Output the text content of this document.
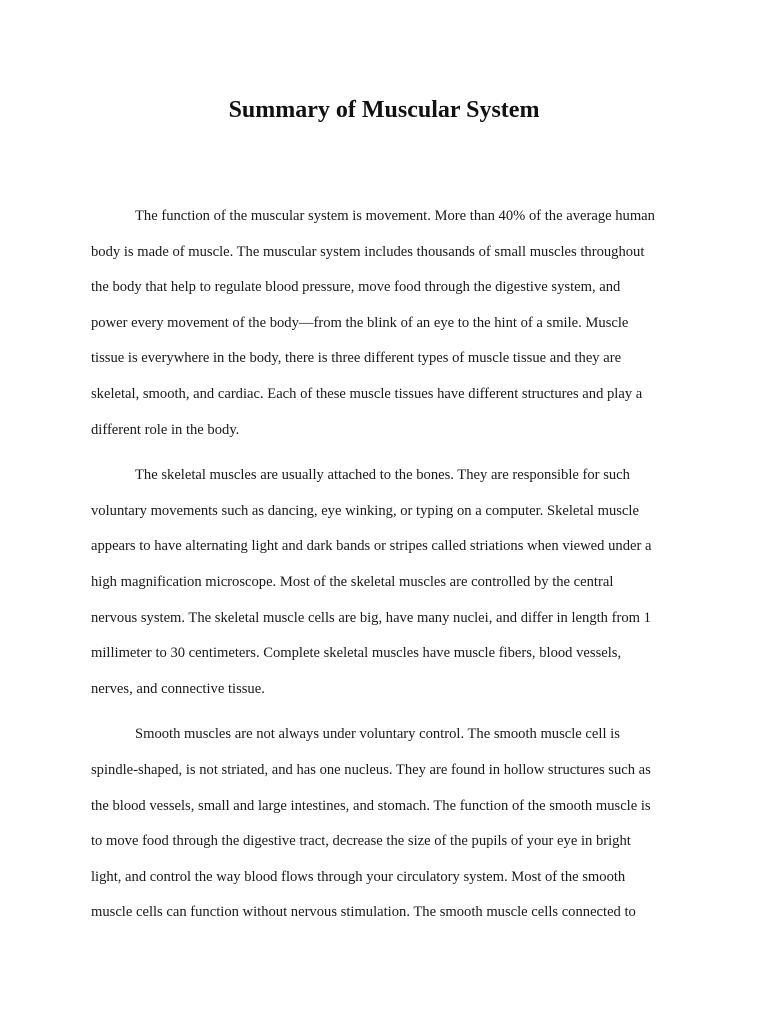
Summary of Muscular System

The function of the muscular system is movement. More than 40% of the average human
body is made of muscle. The muscular system includes thousands of small muscles throughout
the body that help to regulate blood pressure, move food through the digestive system, and
power every movement of the body—from the blink of an eye to the hint of a smile. Muscle
tissue is everywhere in the body, there is three different types of muscle tissue and they are
skeletal, smooth, and cardiac. Each of these muscle tissues have different structures and play a
different role in the body.

The skeletal muscles are usually attached to the bones. They are responsible for such
voluntary movements such as dancing, eye winking, or typing on a computer. Skeletal muscle
appears to have alternating light and dark bands or stripes called striations when viewed under a
high magnification microscope. Most of the skeletal muscles are controlled by the central
nervous system. The skeletal muscle cells are big, have many nuclei, and differ in length from 1
millimeter to 30 centimeters. Complete skeletal muscles have muscle fibers, blood vessels,
nerves, and connective tissue.

Smooth muscles are not always under voluntary control. The smooth muscle cell is
spindle-shaped, is not striated, and has one nucleus. They are found in hollow structures such as
the blood vessels, small and large intestines, and stomach. The function of the smooth muscle is
to move food through the digestive tract, decrease the size of the pupils of your eye in bright
light, and control the way blood flows through your circulatory system. Most of the smooth
muscle cells can function without nervous stimulation. The smooth muscle cells connected to
